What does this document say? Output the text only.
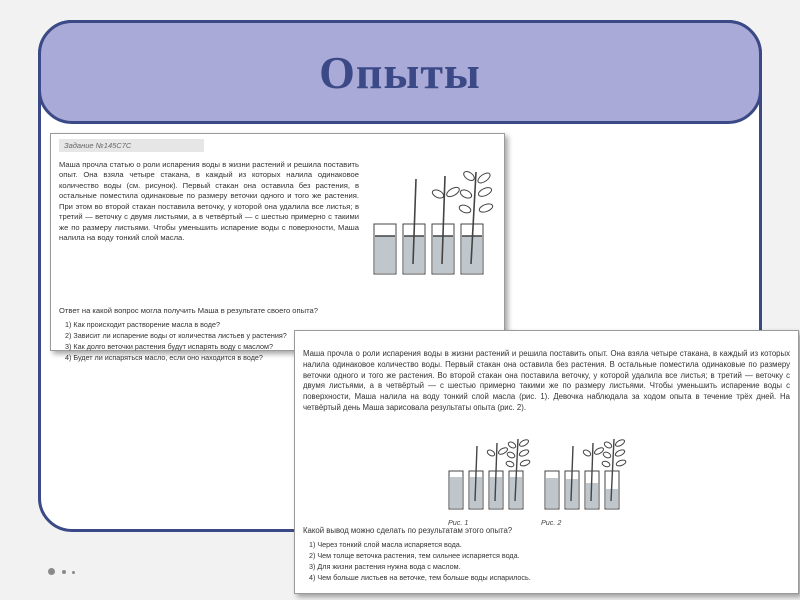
Опыты
Задание №145С7С
Маша прочла статью о роли испарения воды в жизни растений и решила поставить опыт. Она взяла четыре стакана, в каждый из которых налила одинаковое количество воды (см. рисунок). Первый стакан она оставила без растения, в остальные поместила одинаковые по размеру веточки одного и того же растения. При этом во второй стакан поставила веточку, у которой она удалила все листья; в третий — веточку с двумя листьями, а в четвёртый — с шестью примерно с такими же по размеру листьями. Чтобы уменьшить испарение воды с поверхности, Маша налила на воду тонкий слой масла.
Ответ на какой вопрос могла получить Маша в результате своего опыта?
1) Как происходит растворение масла в воде?
2) Зависит ли испарение воды от количества листьев у растения?
3) Как долго веточки растения будут испарять воду с маслом?
4) Будет ли испаряться масло, если оно находится в воде?	Маша прочла о роли испарения воды в жизни растений и решила поставить опыт. Она взяла четыре стакана, в каждый из которых налила одинаковое количество воды. Первый стакан она оставила без растения. В остальные поместила одинаковые по размеру веточки одного и того же растения. Во второй стакан она поставила веточку, у которой удалила все листья; в третий — веточку с двумя листьями, а в четвёртый — с шестью примерно такими же по размеру листьями. Чтобы уменьшить испарение воды с поверхности, Маша налила на воду тонкий слой масла (рис. 1). Девочка наблюдала за ходом опыта в течение трёх дней. На четвёртый день Маша зарисовала результаты опыта (рис. 2).
Рис. 1	Рис. 2
Какой вывод можно сделать по результатам этого опыта?
1) Через тонкий слой масла испаряется вода.
2) Чем толще веточка растения, тем сильнее испаряется вода.
3) Для жизни растения нужна вода с маслом.
4) Чем больше листьев на веточке, тем больше воды испарилось.
